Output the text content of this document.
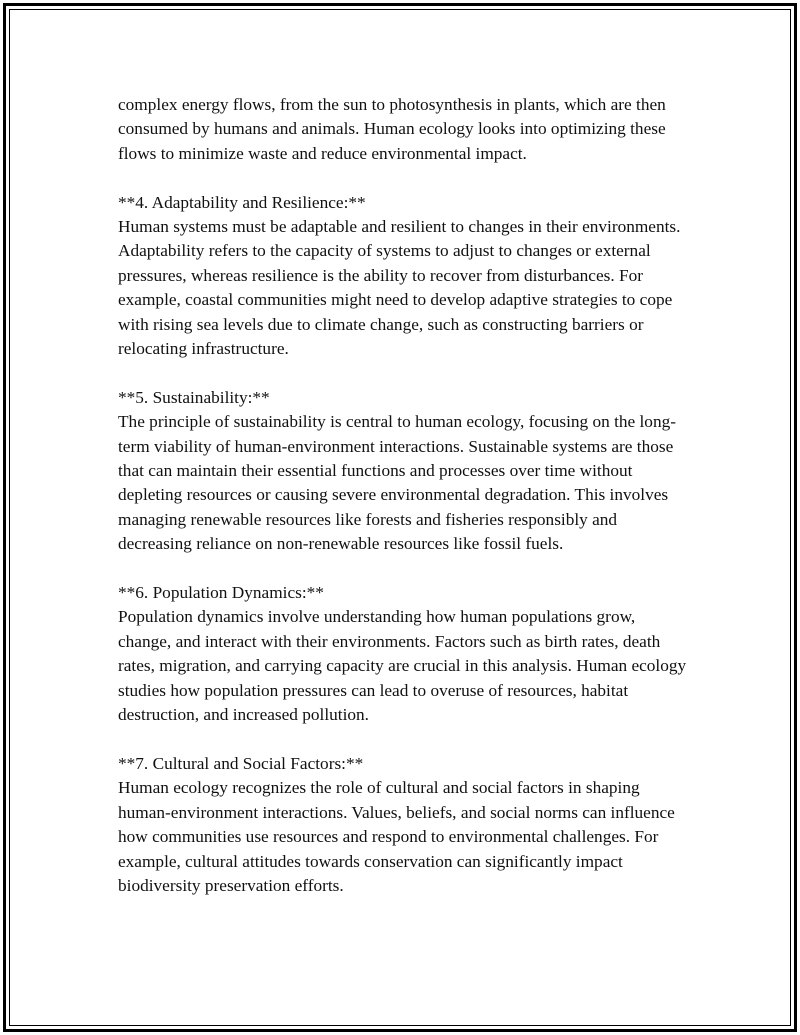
complex energy flows, from the sun to photosynthesis in plants, which are then consumed by humans and animals. Human ecology looks into optimizing these flows to minimize waste and reduce environmental impact.

**4. Adaptability and Resilience:**

Human systems must be adaptable and resilient to changes in their environments. Adaptability refers to the capacity of systems to adjust to changes or external pressures, whereas resilience is the ability to recover from disturbances. For example, coastal communities might need to develop adaptive strategies to cope with rising sea levels due to climate change, such as constructing barriers or relocating infrastructure.

**5. Sustainability:**

The principle of sustainability is central to human ecology, focusing on the long-term viability of human-environment interactions. Sustainable systems are those that can maintain their essential functions and processes over time without depleting resources or causing severe environmental degradation. This involves managing renewable resources like forests and fisheries responsibly and decreasing reliance on non-renewable resources like fossil fuels.

**6. Population Dynamics:**

Population dynamics involve understanding how human populations grow, change, and interact with their environments. Factors such as birth rates, death rates, migration, and carrying capacity are crucial in this analysis. Human ecology studies how population pressures can lead to overuse of resources, habitat destruction, and increased pollution.

**7. Cultural and Social Factors:**

Human ecology recognizes the role of cultural and social factors in shaping human-environment interactions. Values, beliefs, and social norms can influence how communities use resources and respond to environmental challenges. For example, cultural attitudes towards conservation can significantly impact biodiversity preservation efforts.
